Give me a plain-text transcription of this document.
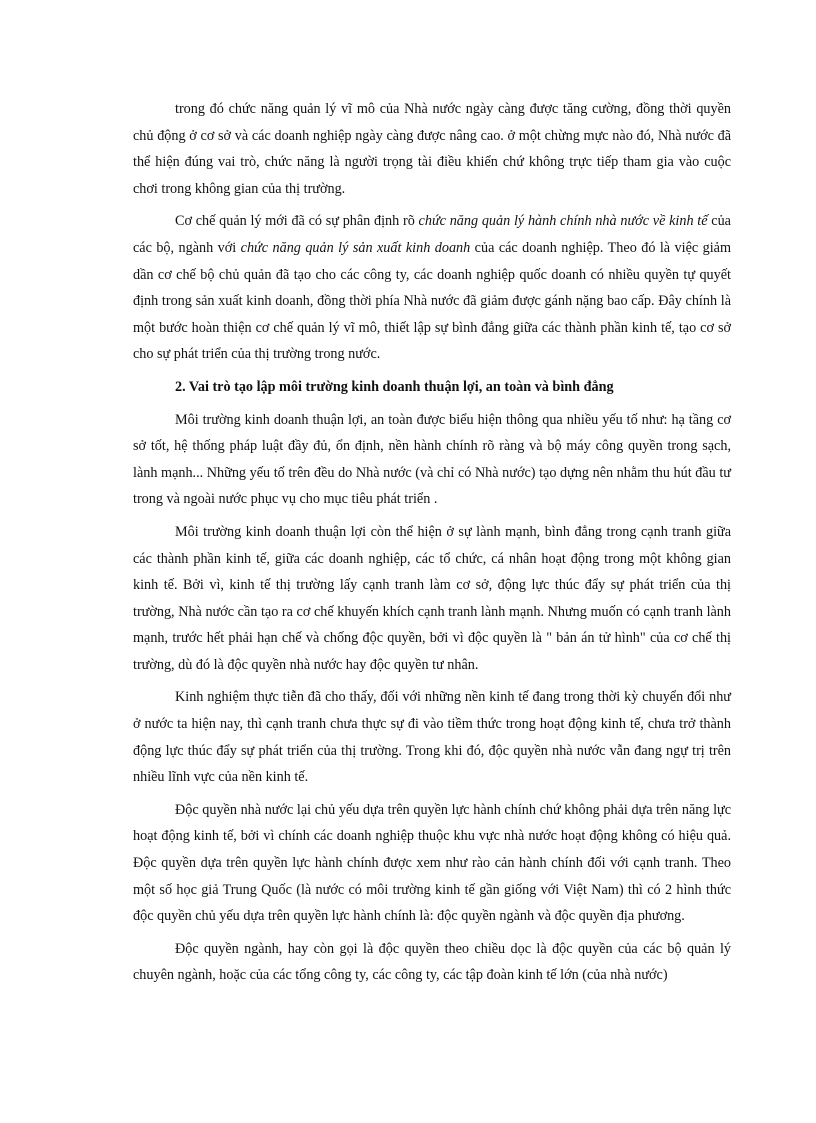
trong đó chức năng quản lý vĩ mô của Nhà nước ngày càng được tăng cường, đồng thời quyền chủ động ở cơ sở và các doanh nghiệp ngày càng được nâng cao. ở một chừng mực nào đó, Nhà nước đã thể hiện đúng vai trò, chức năng là người trọng tài điều khiển chứ không trực tiếp tham gia vào cuộc chơi trong không gian của thị trường.

Cơ chế quản lý mới đã có sự phân định rõ chức năng quản lý hành chính nhà nước về kinh tế của các bộ, ngành với chức năng quản lý sản xuất kinh doanh của các doanh nghiệp. Theo đó là việc giảm dần cơ chế bộ chủ quản đã tạo cho các công ty, các doanh nghiệp quốc doanh có nhiều quyền tự quyết định trong sản xuất kinh doanh, đồng thời phía Nhà nước đã giảm được gánh nặng bao cấp. Đây chính là một bước hoàn thiện cơ chế quản lý vĩ mô, thiết lập sự bình đẳng giữa các thành phần kinh tế, tạo cơ sở cho sự phát triển của thị trường trong nước.

2. Vai trò tạo lập môi trường kinh doanh thuận lợi, an toàn và bình đẳng

Môi trường kinh doanh thuận lợi, an toàn được biểu hiện thông qua nhiều yếu tố như: hạ tầng cơ sở tốt, hệ thống pháp luật đầy đủ, ổn định, nền hành chính rõ ràng và bộ máy công quyền trong sạch, lành mạnh... Những yếu tố trên đều do Nhà nước (và chỉ có Nhà nước) tạo dựng nên nhằm thu hút đầu tư trong và ngoài nước phục vụ cho mục tiêu phát triển .

Môi trường kinh doanh thuận lợi còn thể hiện ở sự lành mạnh, bình đẳng trong cạnh tranh giữa các thành phần kinh tế, giữa các doanh nghiệp, các tổ chức, cá nhân hoạt động trong một không gian kinh tế. Bởi vì, kinh tế thị trường lấy cạnh tranh làm cơ sở, động lực thúc đẩy sự phát triển của thị trường, Nhà nước cần tạo ra cơ chế khuyến khích cạnh tranh lành mạnh. Nhưng muốn có cạnh tranh lành mạnh, trước hết phải hạn chế và chống độc quyền, bởi vì độc quyền là " bản án tử hình" của cơ chế thị trường, dù đó là độc quyền nhà nước hay độc quyền tư nhân.

Kinh nghiệm thực tiễn đã cho thấy, đối với những nền kinh tế đang trong thời kỳ chuyển đổi như ở nước ta hiện nay, thì cạnh tranh chưa thực sự đi vào tiềm thức trong hoạt động kinh tế, chưa trở thành động lực thúc đẩy sự phát triển của thị trường. Trong khi đó, độc quyền nhà nước vẫn đang ngự trị trên nhiều lĩnh vực của nền kinh tế.

Độc quyền nhà nước lại chủ yếu dựa trên quyền lực hành chính chứ không phải dựa trên năng lực hoạt động kinh tế, bởi vì chính các doanh nghiệp thuộc khu vực nhà nước hoạt động không có hiệu quả. Độc quyền dựa trên quyền lực hành chính được xem như rào cản hành chính đối với cạnh tranh. Theo một số học giả Trung Quốc (là nước có môi trường kinh tế gần giống với Việt Nam) thì có 2 hình thức độc quyền chủ yếu dựa trên quyền lực hành chính là: độc quyền ngành và độc quyền địa phương.

Độc quyền ngành, hay còn gọi là độc quyền theo chiều dọc là độc quyền của các bộ quản lý chuyên ngành, hoặc của các tổng công ty, các công ty, các tập đoàn kinh tế lớn (của nhà nước)
